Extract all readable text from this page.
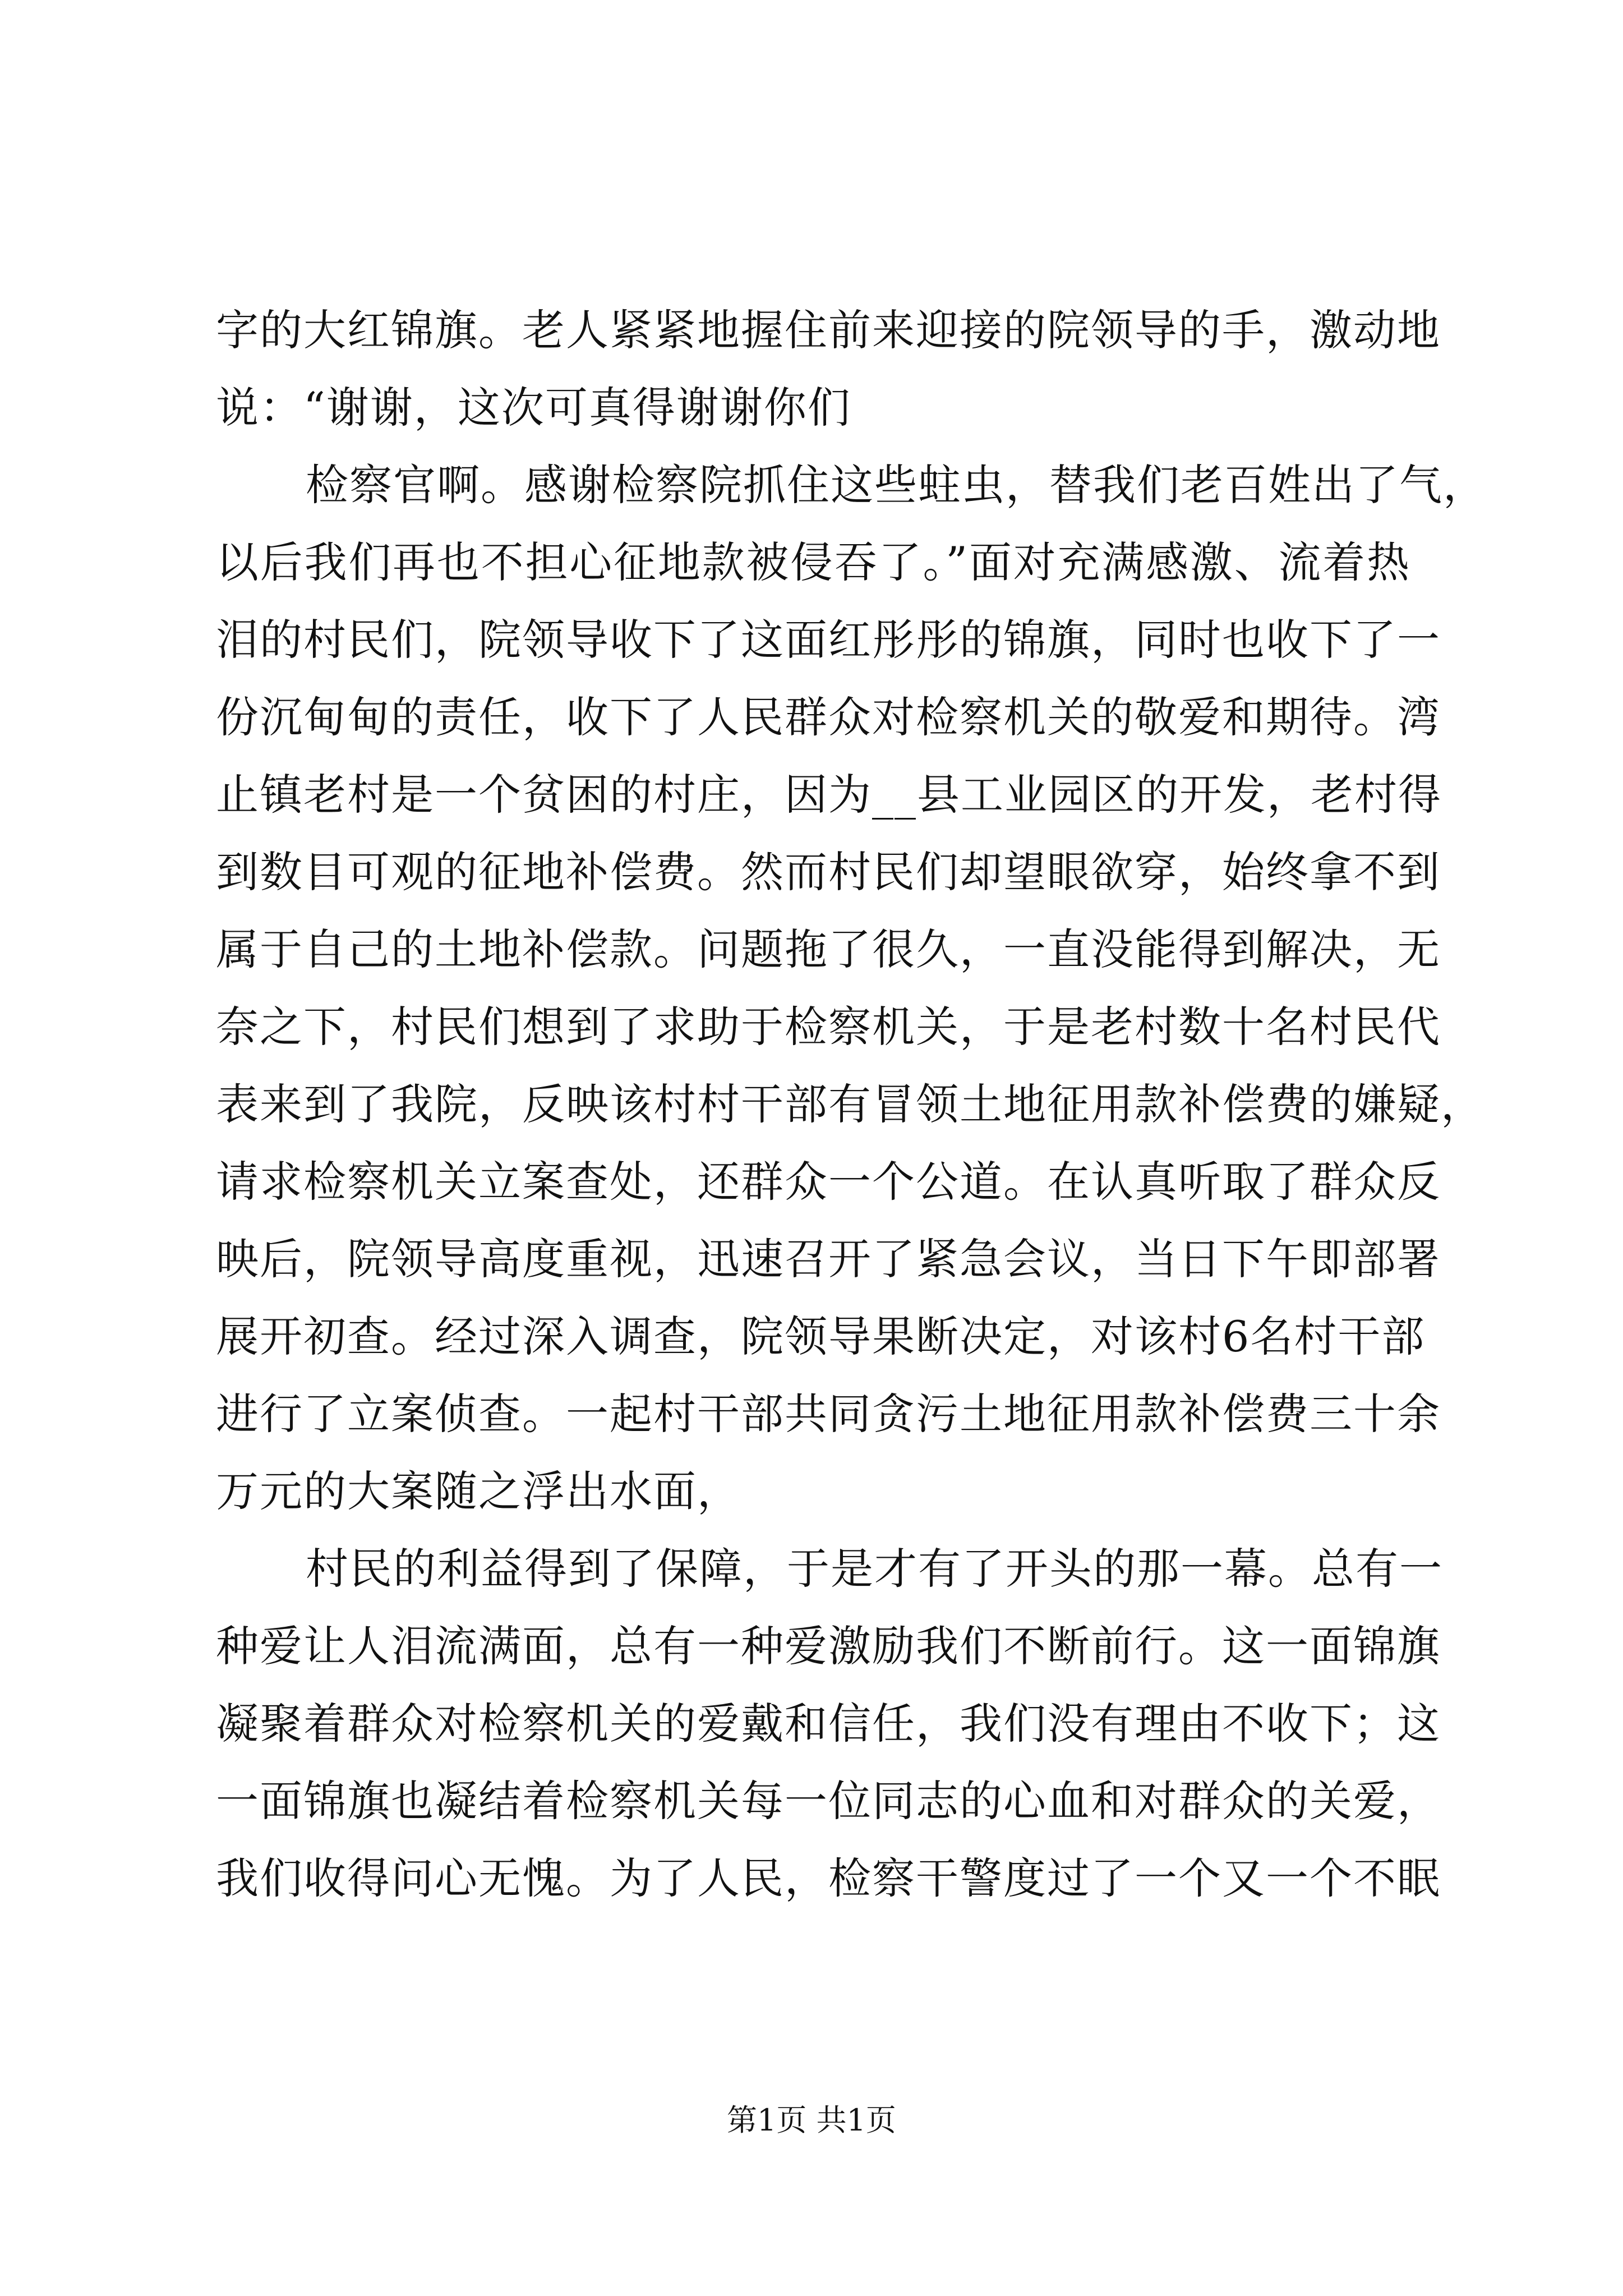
字的大红锦旗。老人紧紧地握住前来迎接的院领导的手，激动地
说：“谢谢，这次可真得谢谢你们
检察官啊。感谢检察院抓住这些蛀虫，替我们老百姓出了气，
以后我们再也不担心征地款被侵吞了。”面对充满感激、流着热
泪的村民们，院领导收下了这面红彤彤的锦旗，同时也收下了一
份沉甸甸的责任，收下了人民群众对检察机关的敬爱和期待。湾
止镇老村是一个贫困的村庄，因为__县工业园区的开发，老村得
到数目可观的征地补偿费。然而村民们却望眼欲穿，始终拿不到
属于自己的土地补偿款。问题拖了很久，一直没能得到解决，无
奈之下，村民们想到了求助于检察机关，于是老村数十名村民代
表来到了我院，反映该村村干部有冒领土地征用款补偿费的嫌疑，
请求检察机关立案查处，还群众一个公道。在认真听取了群众反
映后，院领导高度重视，迅速召开了紧急会议，当日下午即部署
展开初查。经过深入调查，院领导果断决定，对该村6名村干部
进行了立案侦查。一起村干部共同贪污土地征用款补偿费三十余
万元的大案随之浮出水面，
村民的利益得到了保障，于是才有了开头的那一幕。总有一
种爱让人泪流满面，总有一种爱激励我们不断前行。这一面锦旗
凝聚着群众对检察机关的爱戴和信任，我们没有理由不收下；这
一面锦旗也凝结着检察机关每一位同志的心血和对群众的关爱，
我们收得问心无愧。为了人民，检察干警度过了一个又一个不眠
第1页 共1页
